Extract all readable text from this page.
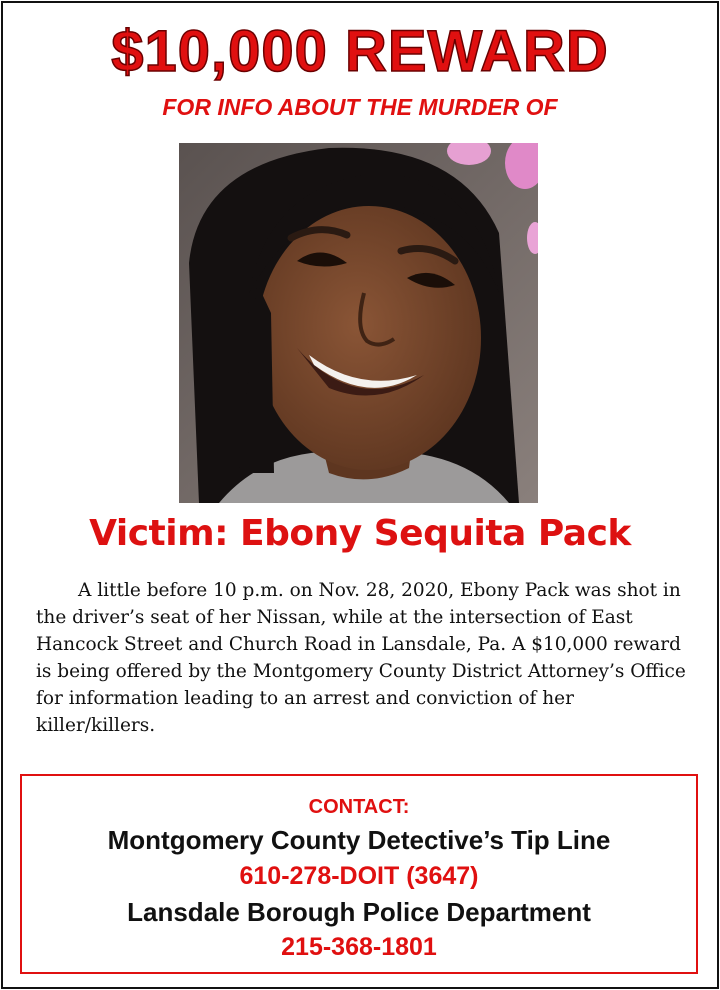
$10,000 REWARD
FOR INFO ABOUT THE MURDER OF
Victim: Ebony Sequita Pack

A little before 10 p.m. on Nov. 28, 2020, Ebony Pack was shot in the driver’s seat of her Nissan, while at the intersection of East Hancock Street and Church Road in Lansdale, Pa. A $10,000 reward is being offered by the Montgomery County District Attorney’s Office for information leading to an arrest and conviction of her killer/killers.

CONTACT:
Montgomery County Detective’s Tip Line
610-278-DOIT (3647)
Lansdale Borough Police Department
215-368-1801
